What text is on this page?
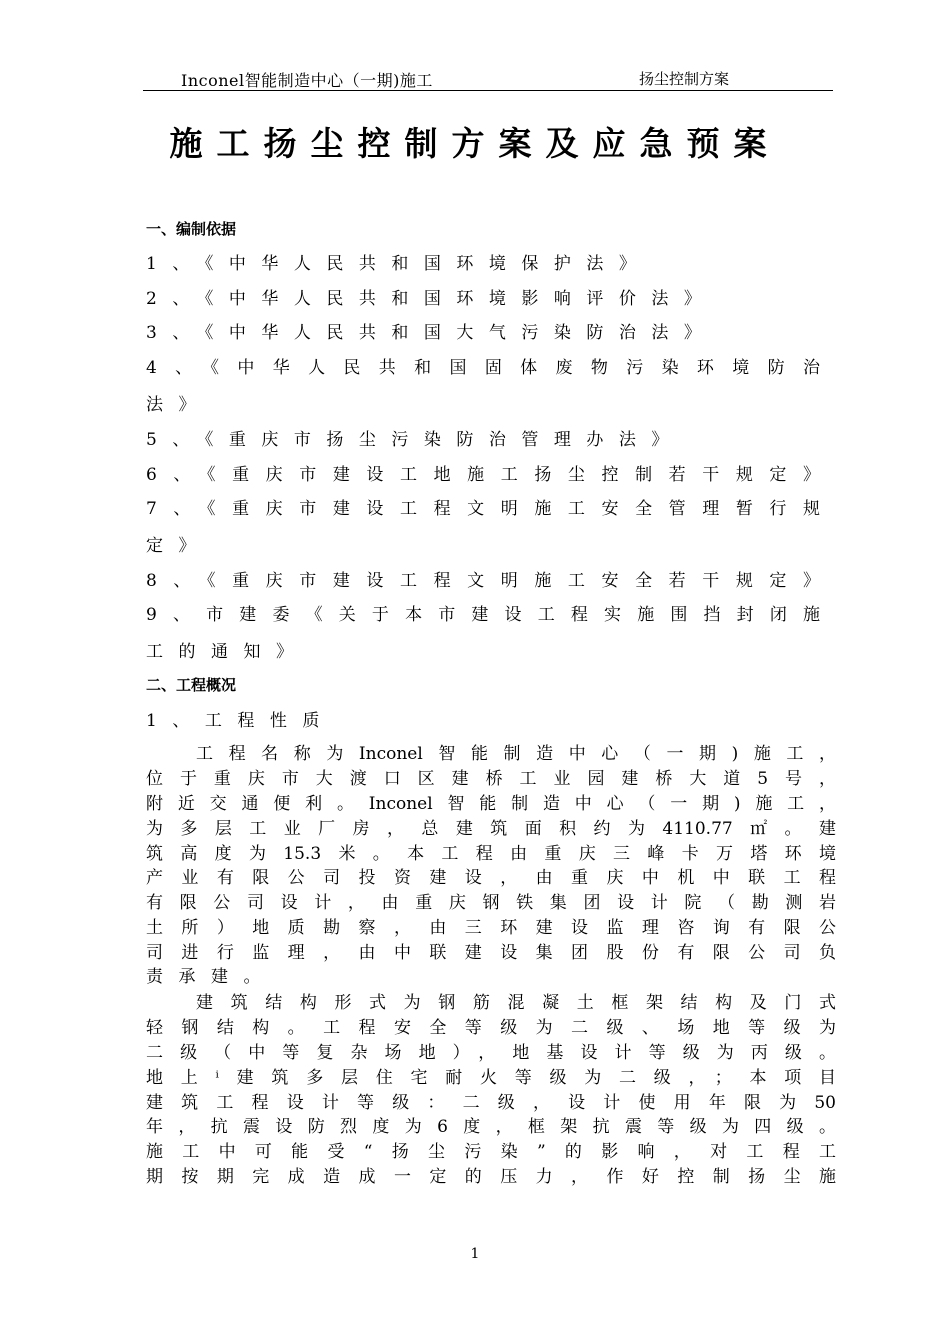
Inconel智能制造中心（一期)施工	扬尘控制方案
施工扬尘控制方案及应急预案
一、编制依据
1、《中华人民共和国环境保护法》
2、《中华人民共和国环境影响评价法》
3、《中华人民共和国大气污染防治法》
4、《中华人民共和国固体废物污染环境防治
法》
5、《重庆市扬尘污染防治管理办法》
6、《重庆市建设工地施工扬尘控制若干规定》
7、《重庆市建设工程文明施工安全管理暂行规
定》
8、《重庆市建设工程文明施工安全若干规定》
9、市建委《关于本市建设工程实施围挡封闭施
工的通知》
二、工程概况
1、工程性质
工程名称为Inconel智能制造中心（一期)施工，
位于重庆市大渡口区建桥工业园建桥大道5号，
附近交通便利。Inconel智能制造中心（一期)施工，
为多层工业厂房，总建筑面积约为4110.77㎡。建
筑高度为15.3米。本工程由重庆三峰卡万塔环境
产业有限公司投资建设，由重庆中机中联工程
有限公司设计，由重庆钢铁集团设计院（勘测岩
土所）地质勘察，由三环建设监理咨询有限公
司进行监理，由中联建设集团股份有限公司负
责承建。
建筑结构形式为钢筋混凝土框架结构及门式
轻钢结构。工程安全等级为二级、场地等级为
二级（中等复杂场地），地基设计等级为丙级。
地上ⁱ建筑多层住宅耐火等级为二级，；本项目
建筑工程设计等级：二级，设计使用年限为50
年，抗震设防烈度为6度，框架抗震等级为四级。
施工中可能受“扬尘污染”的影响，对工程工
期按期完成造成一定的压力，作好控制扬尘施
1
